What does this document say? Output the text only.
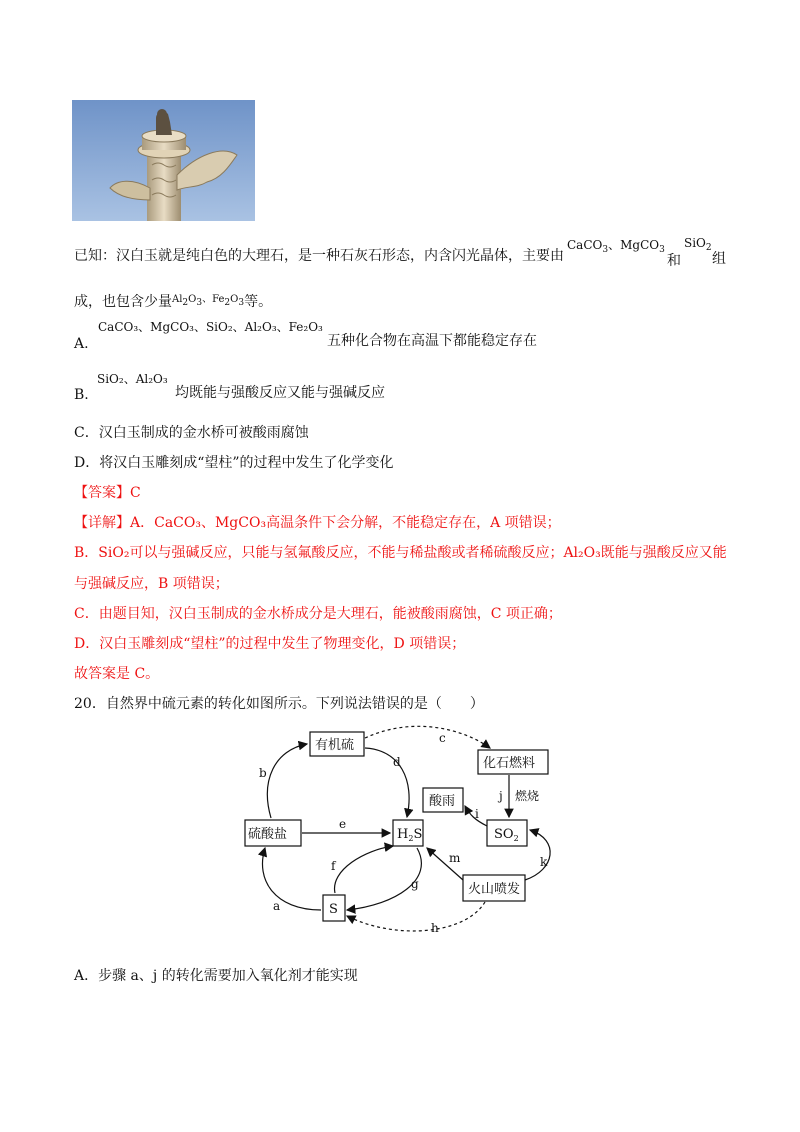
已知：汉白玉就是纯白色的大理石，是一种石灰石形态，内含闪光晶体，主要由
CaCO$_3$、MgCO$_3$
和
SiO$_2$
组
成，也包含少量$^{Al2O3、Fe2O3}$等。
A.
CaCO₃、MgCO₃、SiO₂、Al₂O₃、Fe₂O₃
五种化合物在高温下都能稳定存在
B.
SiO₂、Al₂O₃
均既能与强酸反应又能与强碱反应
C．汉白玉制成的金水桥可被酸雨腐蚀
D．将汉白玉雕刻成“望柱”的过程中发生了化学变化
【答案】C
【详解】A．CaCO₃、MgCO₃高温条件下会分解，不能稳定存在，A 项错误；
B．SiO₂可以与强碱反应，只能与氢氟酸反应，不能与稀盐酸或者稀硫酸反应；Al₂O₃既能与强酸反应又能
与强碱反应，B 项错误；
C．由题目知，汉白玉制成的金水桥成分是大理石，能被酸雨腐蚀，C 项正确；
D．汉白玉雕刻成“望柱”的过程中发生了物理变化，D 项错误；
故答案是 C。
20．自然界中硫元素的转化如图所示。下列说法错误的是（　　）
有机硫
化石燃料
酸雨
硫酸盐	$H_2S$	$SO_2$
火山喷发
S
b
d
c
e
j 燃烧
i
k
m
f
g
a
h
A．步骤 a、j 的转化需要加入氧化剂才能实现
